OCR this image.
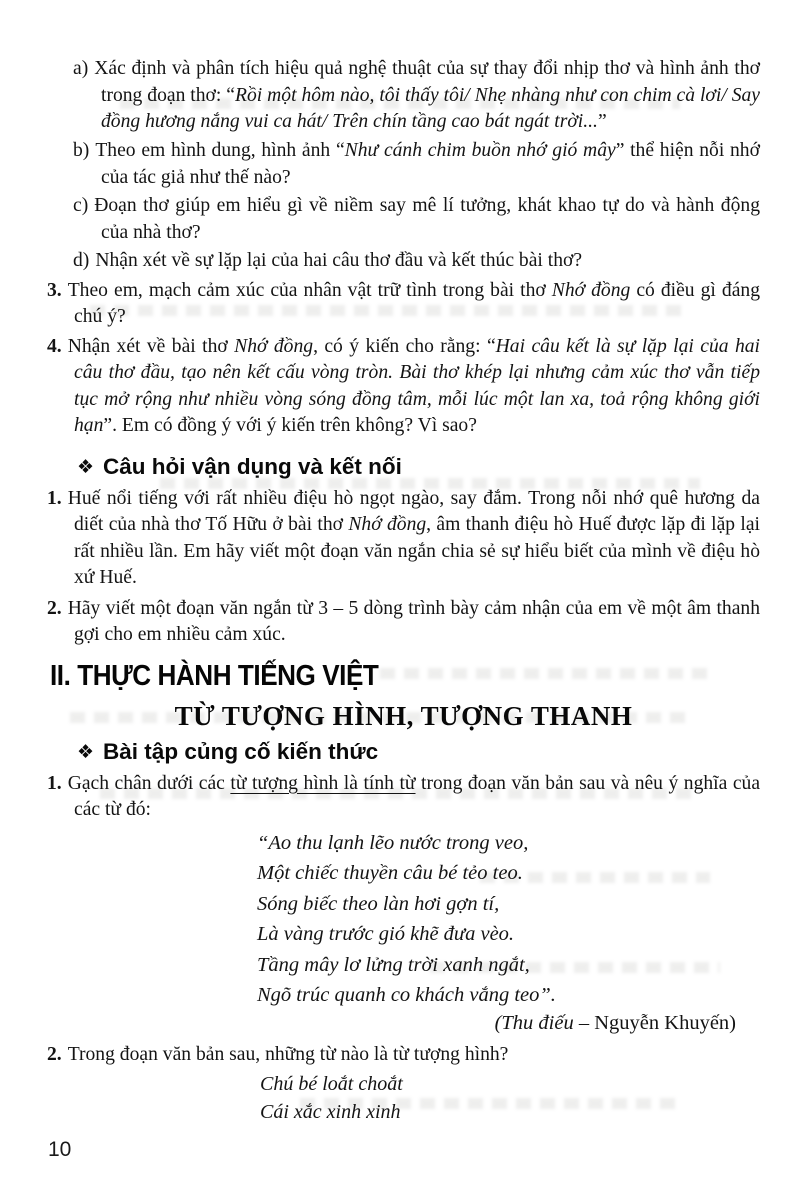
a) Xác định và phân tích hiệu quả nghệ thuật của sự thay đổi nhịp thơ và hình ảnh thơ trong đoạn thơ: “Rồi một hôm nào, tôi thấy tôi/ Nhẹ nhàng như con chim cà lơi/ Say đồng hương nắng vui ca hát/ Trên chín tầng cao bát ngát trời...”
b) Theo em hình dung, hình ảnh “Như cánh chim buồn nhớ gió mây” thể hiện nỗi nhớ của tác giả như thế nào?
c) Đoạn thơ giúp em hiểu gì về niềm say mê lí tưởng, khát khao tự do và hành động của nhà thơ?
d) Nhận xét về sự lặp lại của hai câu thơ đầu và kết thúc bài thơ?
3. Theo em, mạch cảm xúc của nhân vật trữ tình trong bài thơ Nhớ đồng có điều gì đáng chú ý?
4. Nhận xét về bài thơ Nhớ đồng, có ý kiến cho rằng: “Hai câu kết là sự lặp lại của hai câu thơ đầu, tạo nên kết cấu vòng tròn. Bài thơ khép lại nhưng cảm xúc thơ vẫn tiếp tục mở rộng như nhiều vòng sóng đồng tâm, mỗi lúc một lan xa, toả rộng không giới hạn”. Em có đồng ý với ý kiến trên không? Vì sao?
❖ Câu hỏi vận dụng và kết nối
1. Huế nổi tiếng với rất nhiều điệu hò ngọt ngào, say đắm. Trong nỗi nhớ quê hương da diết của nhà thơ Tố Hữu ở bài thơ Nhớ đồng, âm thanh điệu hò Huế được lặp đi lặp lại rất nhiều lần. Em hãy viết một đoạn văn ngắn chia sẻ sự hiểu biết của mình về điệu hò xứ Huế.
2. Hãy viết một đoạn văn ngắn từ 3 – 5 dòng trình bày cảm nhận của em về một âm thanh gợi cho em nhiều cảm xúc.
II. THỰC HÀNH TIẾNG VIỆT
TỪ TƯỢNG HÌNH, TƯỢNG THANH
❖ Bài tập củng cố kiến thức
1. Gạch chân dưới các từ tượng hình là tính từ trong đoạn văn bản sau và nêu ý nghĩa của các từ đó:
“Ao thu lạnh lẽo nước trong veo,
Một chiếc thuyền câu bé tẻo teo.
Sóng biếc theo làn hơi gợn tí,
Là vàng trước gió khẽ đưa vèo.
Tầng mây lơ lửng trời xanh ngắt,
Ngõ trúc quanh co khách vắng teo”.
(Thu điếu – Nguyễn Khuyến)
2. Trong đoạn văn bản sau, những từ nào là từ tượng hình?
Chú bé loắt choắt
Cái xắc xinh xinh
10
